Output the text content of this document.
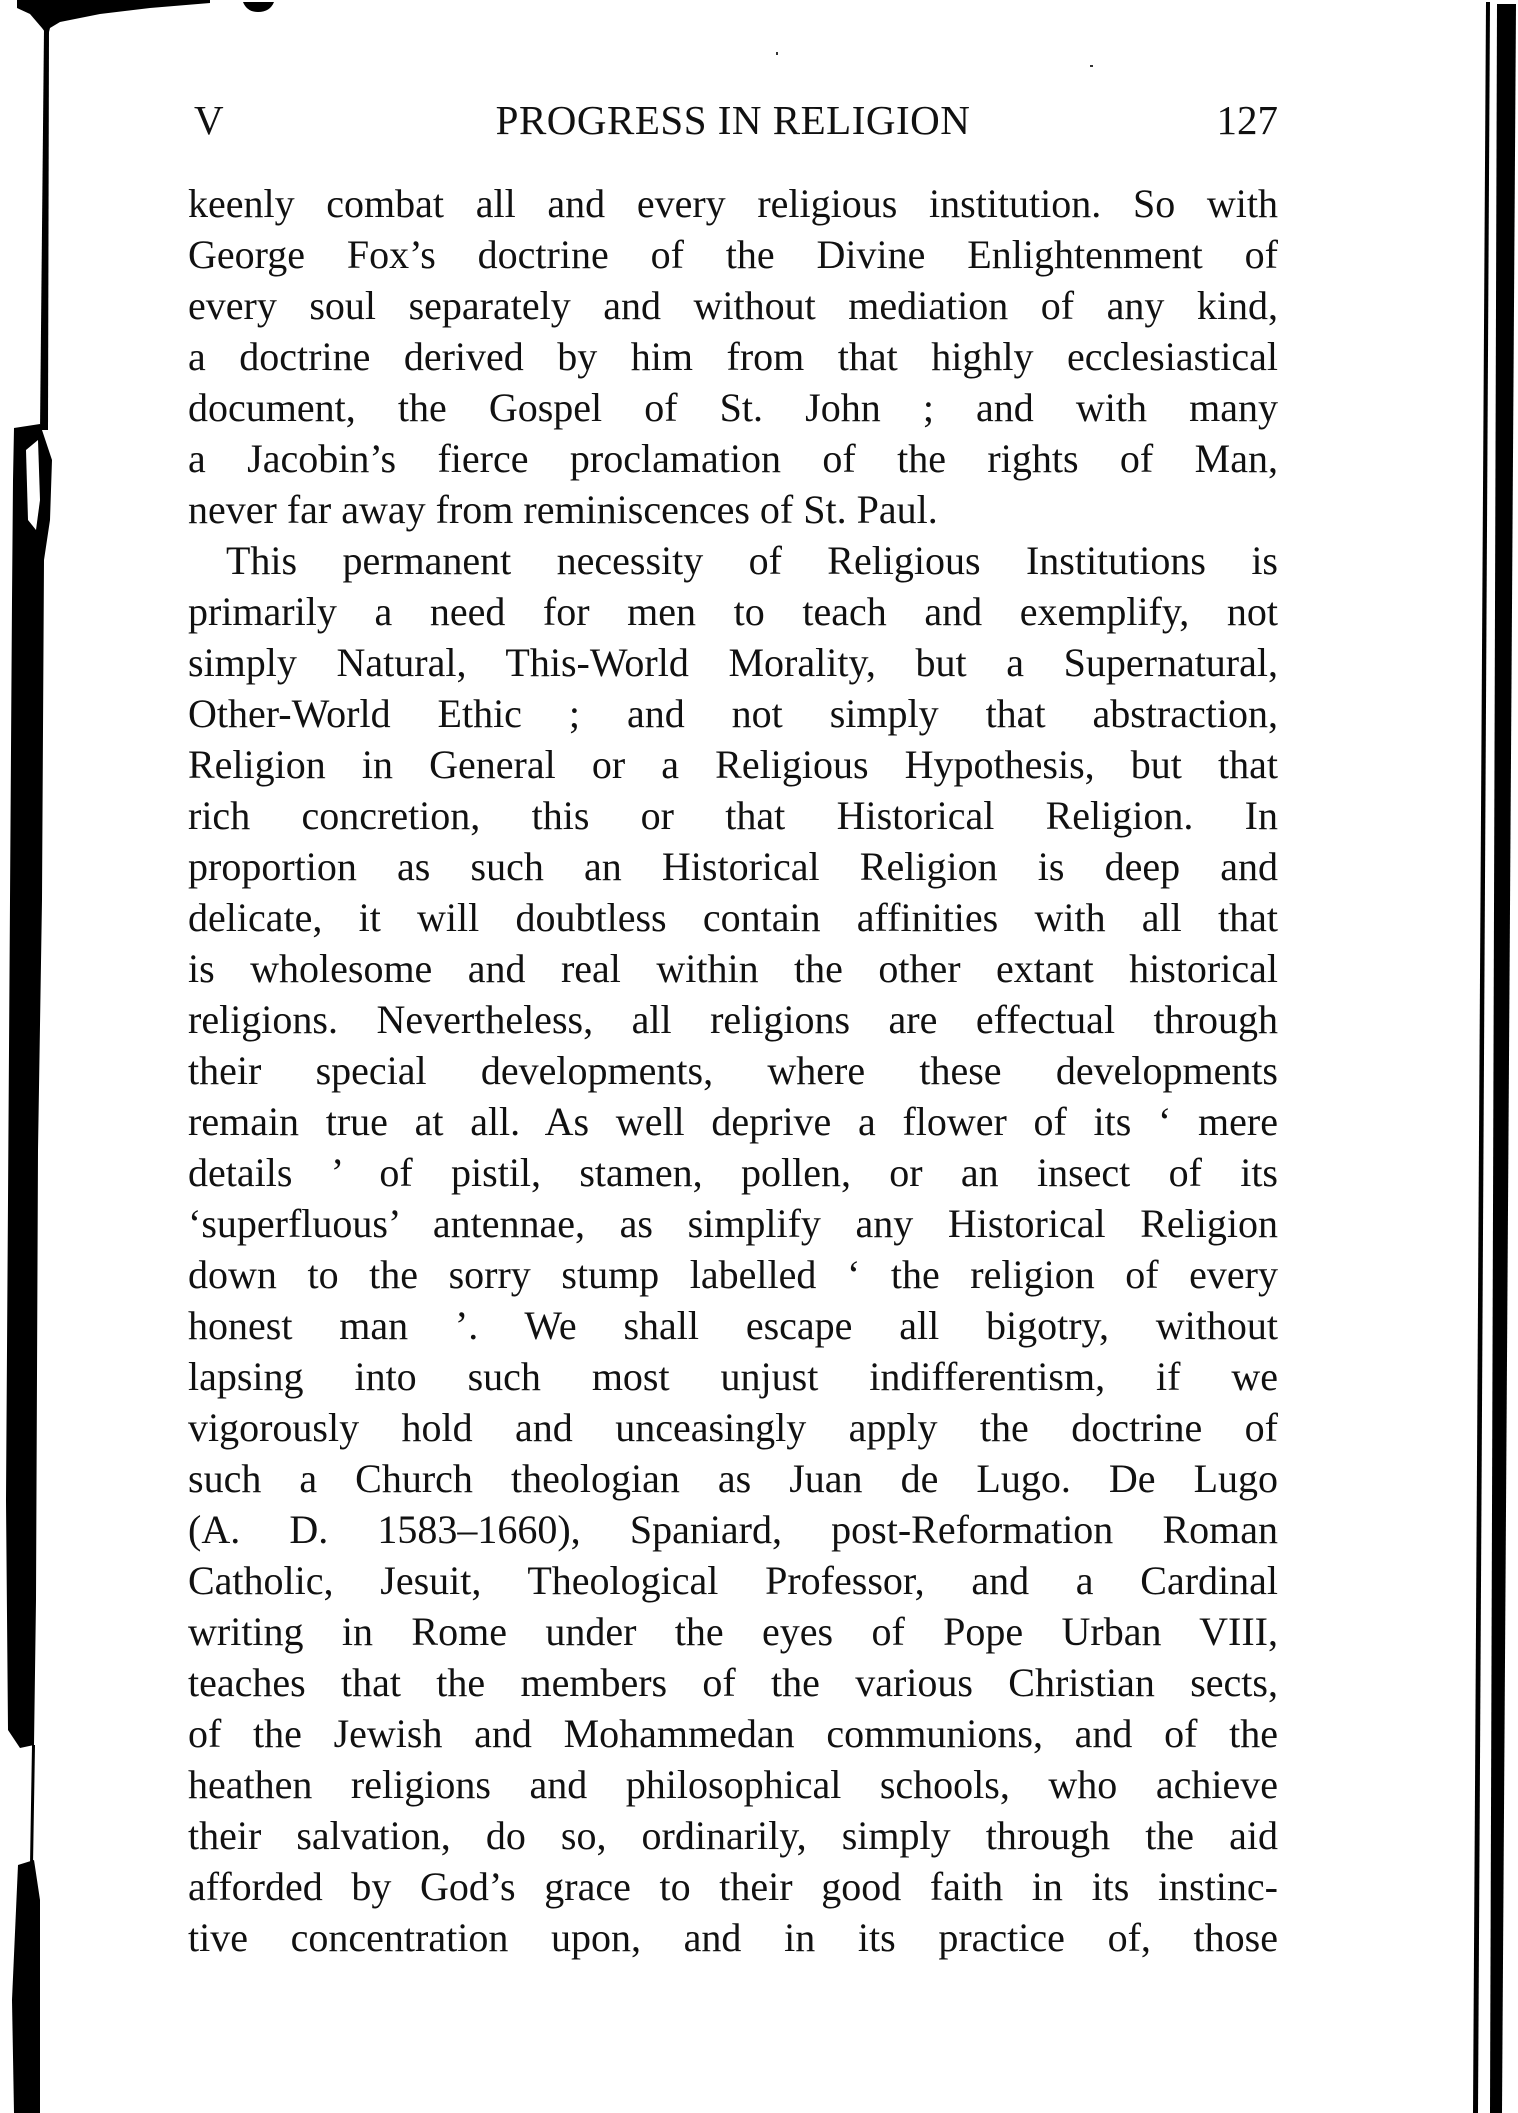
V	PROGRESS IN RELIGION	127
keenly combat all and every religious institution. So with
George Fox’s doctrine of the Divine Enlightenment of
every soul separately and without mediation of any kind,
a doctrine derived by him from that highly ecclesiastical
document, the Gospel of St. John ; and with many
a Jacobin’s fierce proclamation of the rights of Man,
never far away from reminiscences of St. Paul.
This permanent necessity of Religious Institutions is
primarily a need for men to teach and exemplify, not
simply Natural, This-World Morality, but a Supernatural,
Other-World Ethic ; and not simply that abstraction,
Religion in General or a Religious Hypothesis, but that
rich concretion, this or that Historical Religion. In
proportion as such an Historical Religion is deep and
delicate, it will doubtless contain affinities with all that
is wholesome and real within the other extant historical
religions. Nevertheless, all religions are effectual through
their special developments, where these developments
remain true at all. As well deprive a flower of its ‘ mere
details ’ of pistil, stamen, pollen, or an insect of its
‘superfluous’ antennae, as simplify any Historical Religion
down to the sorry stump labelled ‘ the religion of every
honest man ’. We shall escape all bigotry, without
lapsing into such most unjust indifferentism, if we
vigorously hold and unceasingly apply the doctrine of
such a Church theologian as Juan de Lugo. De Lugo
(A. D. 1583–1660), Spaniard, post-Reformation Roman
Catholic, Jesuit, Theological Professor, and a Cardinal
writing in Rome under the eyes of Pope Urban VIII,
teaches that the members of the various Christian sects,
of the Jewish and Mohammedan communions, and of the
heathen religions and philosophical schools, who achieve
their salvation, do so, ordinarily, simply through the aid
afforded by God’s grace to their good faith in its instinc-
tive concentration upon, and in its practice of, those
